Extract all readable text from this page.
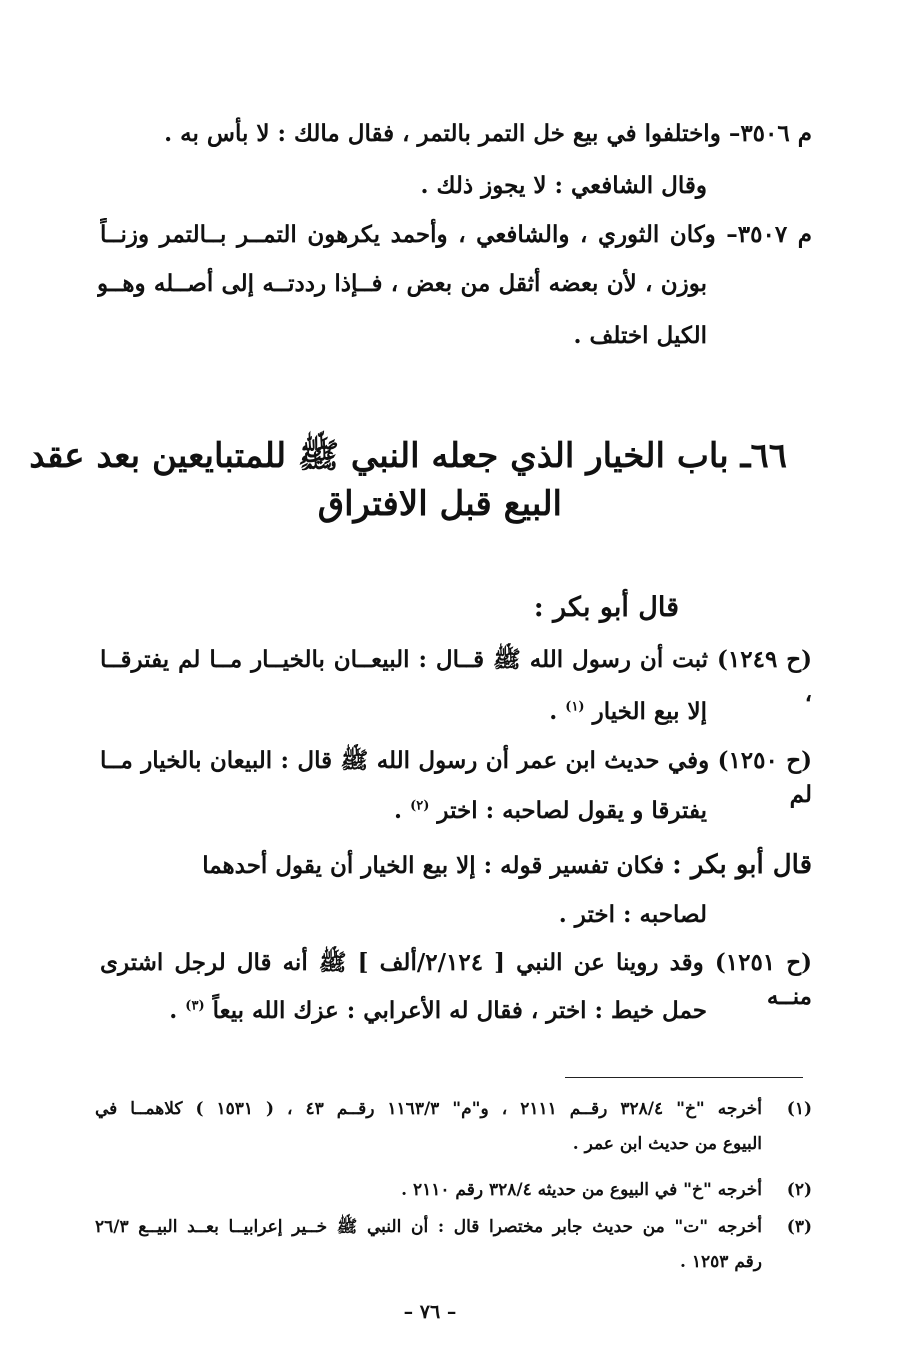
م ٣٥٠٦– واختلفوا في بيع خل التمر بالتمر ، فقال مالك : لا بأس به .
وقال الشافعي : لا يجوز ذلك .
م ٣٥٠٧– وكان الثوري ، والشافعي ، وأحمد يكرهون التمــر بــالتمر وزنــاً
بوزن ، لأن بعضه أثقل من بعض ، فــإذا رددتــه إلى أصــله وهــو
الكيل اختلف .
٦٦ـ باب الخيار الذي جعله النبي ﷺ للمتبايعين بعد عقد
البيع قبل الافتراق
قال أبو بكر :
(ح ١٢٤٩) ثبت أن رسول الله ﷺ قــال : البيعــان بالخيــار مــا لم يفترقــا ،
إلا بيع الخيار $^{(١)}$ .
(ح ١٢٥٠) وفي حديث ابن عمر أن رسول الله ﷺ قال : البيعان بالخيار مــا لم
يفترقا و يقول لصاحبه : اختر $^{(٢)}$ .
قال أبو بكر : فكان تفسير قوله : إلا بيع الخيار أن يقول أحدهما
لصاحبه : اختر .
(ح ١٢٥١) وقد روينا عن النبي [ ٢/١٢٤/ألف ] ﷺ أنه قال لرجل اشترى منــه
حمل خيط : اختر ، فقال له الأعرابي : عزك الله بيعاً $^{(٣)}$ .
(١)
أخرجه "خ" ٣٢٨/٤ رقــم ٢١١١ ، و"م" ١١٦٣/٣ رقــم ٤٣ ، ( ١٥٣١ ) كلاهمــا في
البيوع من حديث ابن عمر .
(٢)
أخرجه "خ" في البيوع من حديثه ٣٢٨/٤ رقم ٢١١٠ .
(٣)
أخرجه "ت" من حديث جابر مختصرا قال : أن النبي ﷺ خــير إعرابيــا بعــد البيــع ٢٦/٣
رقم ١٢٥٣ .
– ٧٦ –
